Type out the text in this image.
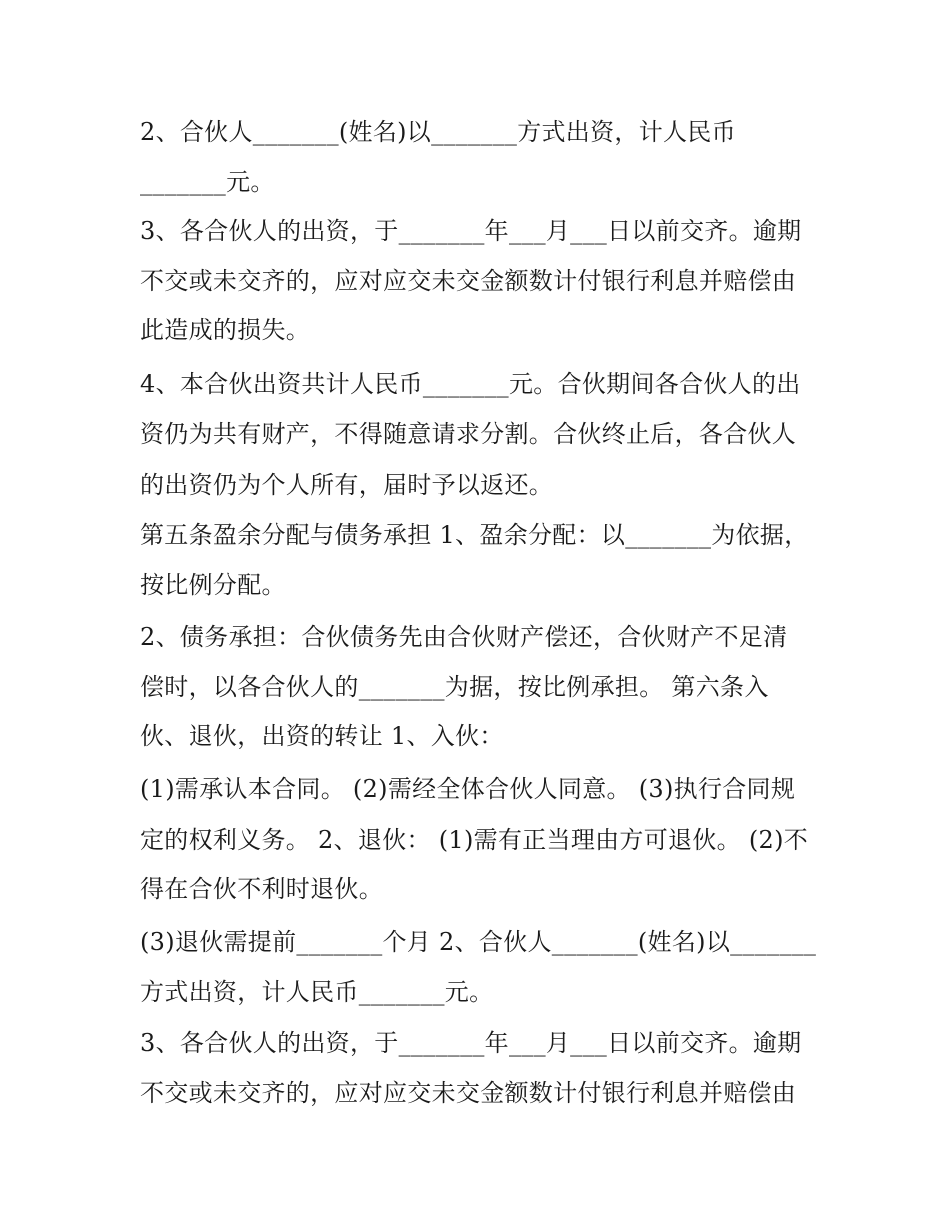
2、合伙人_______(姓名)以_______方式出资，计人民币
_______元。
3、各合伙人的出资，于_______年___月___日以前交齐。逾期
不交或未交齐的，应对应交未交金额数计付银行利息并赔偿由
此造成的损失。
4、本合伙出资共计人民币_______元。合伙期间各合伙人的出
资仍为共有财产，不得随意请求分割。合伙终止后，各合伙人
的出资仍为个人所有，届时予以返还。
第五条盈余分配与债务承担 1、盈余分配：以_______为依据，
按比例分配。
2、债务承担：合伙债务先由合伙财产偿还，合伙财产不足清
偿时，以各合伙人的_______为据，按比例承担。 第六条入
伙、退伙，出资的转让 1、入伙：
(1)需承认本合同。 (2)需经全体合伙人同意。 (3)执行合同规
定的权利义务。 2、退伙： (1)需有正当理由方可退伙。 (2)不
得在合伙不利时退伙。
(3)退伙需提前_______个月 2、合伙人_______(姓名)以_______
方式出资，计人民币_______元。
3、各合伙人的出资，于_______年___月___日以前交齐。逾期
不交或未交齐的，应对应交未交金额数计付银行利息并赔偿由
